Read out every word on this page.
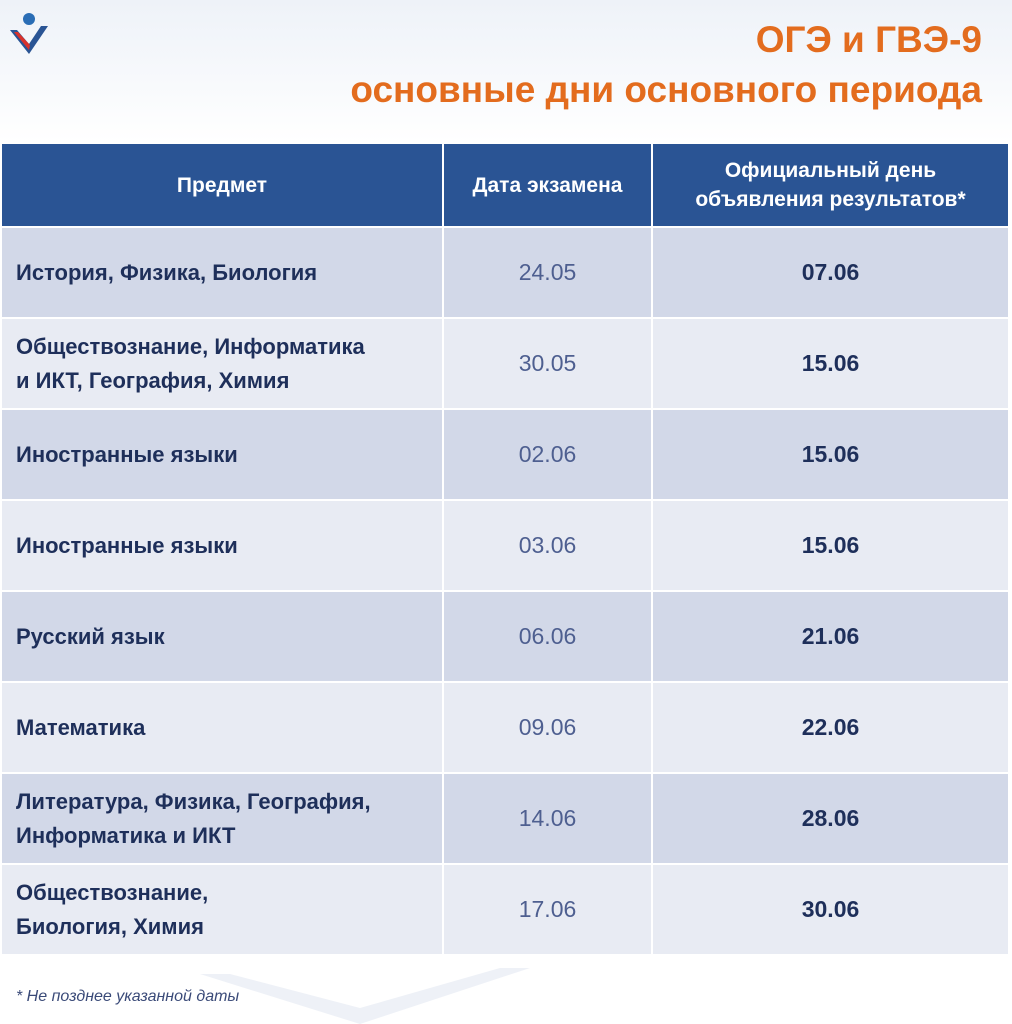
ОГЭ и ГВЭ-9
основные дни основного периода
Предмет	Дата экзамена	Официальный день
объявления результатов*

История, Физика, Биология	24.05	07.06

Обществознание, Информатика
и ИКТ, География, Химия	30.05	15.06

Иностранные языки	02.06	15.06

Иностранные языки	03.06	15.06

Русский язык	06.06	21.06

Математика	09.06	22.06

Литература, Физика, География,
Информатика и ИКТ	14.06	28.06

Обществознание,
Биология, Химия	17.06	30.06
* Не позднее указанной даты
